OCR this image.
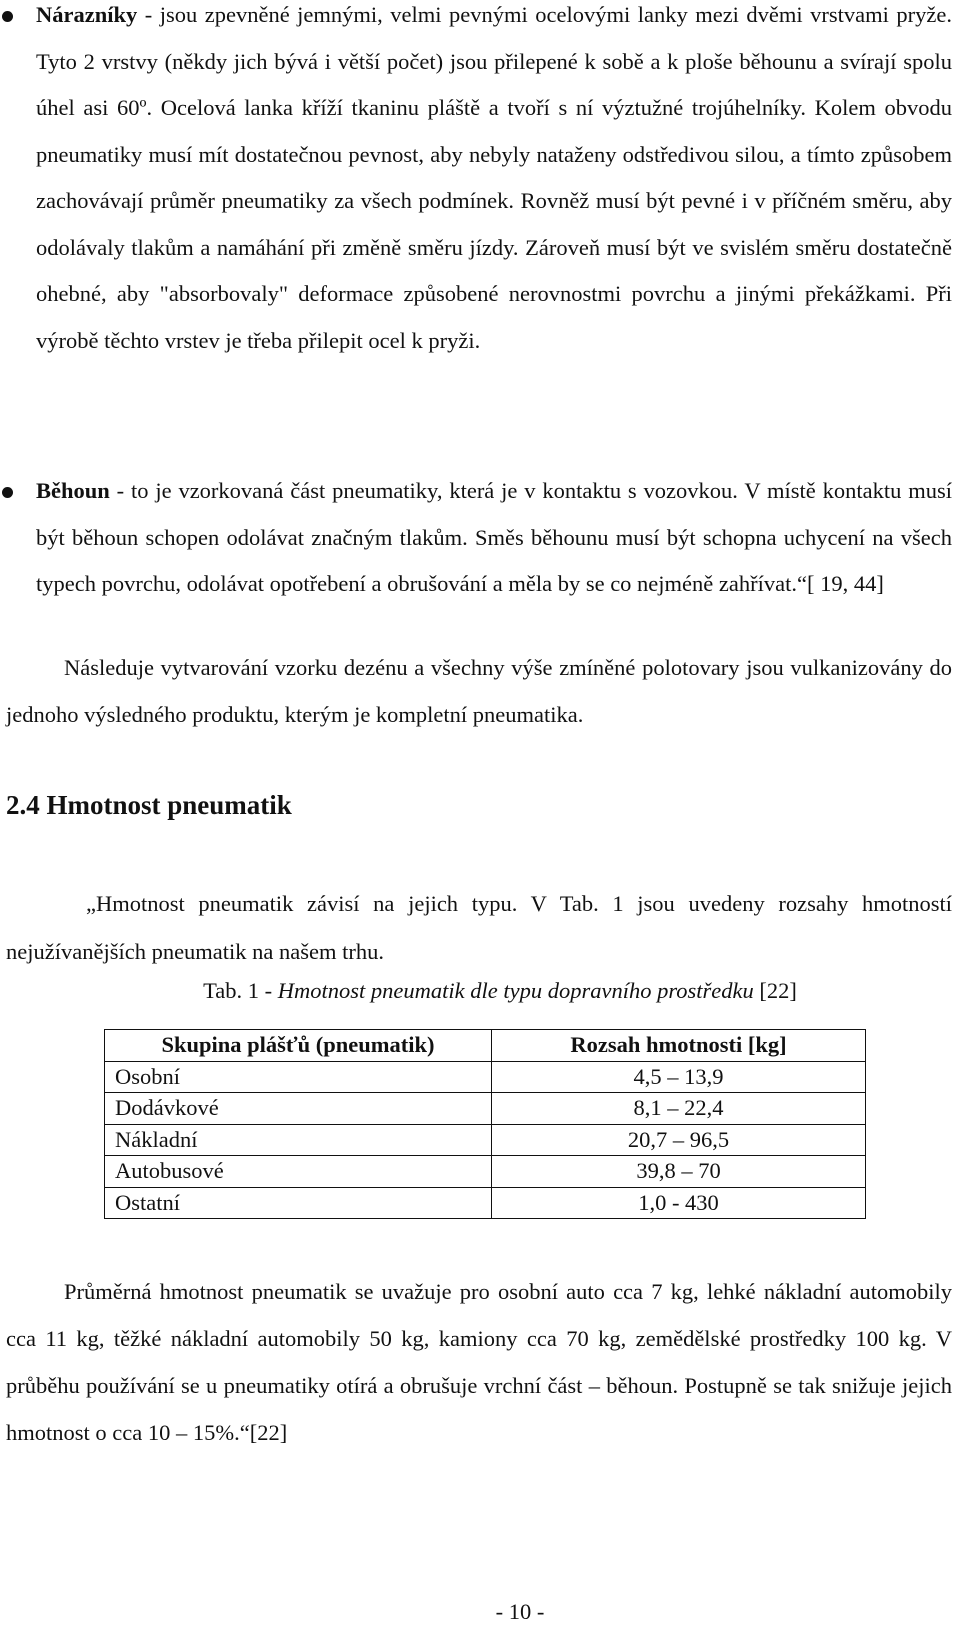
Nárazníky - jsou zpevněné jemnými, velmi pevnými ocelovými lanky mezi dvěmi vrstvami pryže. Tyto 2 vrstvy (někdy jich bývá i větší počet) jsou přilepené k sobě a k ploše běhounu a svírají spolu úhel asi 60º. Ocelová lanka kříží tkaninu pláště a tvoří s ní výztužné trojúhelníky. Kolem obvodu pneumatiky musí mít dostatečnou pevnost, aby nebyly nataženy odstředivou silou, a tímto způsobem zachovávají průměr pneumatiky za všech podmínek. Rovněž musí být pevné i v příčném směru, aby odolávaly tlakům a namáhání při změně směru jízdy. Zároveň musí být ve svislém směru dostatečně ohebné, aby "absorbovaly" deformace způsobené nerovnostmi povrchu a jinými překážkami. Při výrobě těchto vrstev je třeba přilepit ocel k pryži.
Běhoun - to je vzorkovaná část pneumatiky, která je v kontaktu s vozovkou. V místě kontaktu musí být běhoun schopen odolávat značným tlakům. Směs běhounu musí být schopna uchycení na všech typech povrchu, odolávat opotřebení a obrušování a měla by se co nejméně zahřívat.“[ 19, 44]

Následuje vytvarování vzorku dezénu a všechny výše zmíněné polotovary jsou vulkanizovány do jednoho výsledného produktu, kterým je kompletní pneumatika.

2.4 Hmotnost pneumatik

„Hmotnost pneumatik závisí na jejich typu. V Tab. 1 jsou uvedeny rozsahy hmotností nejužívanějších pneumatik na našem trhu.

Tab. 1 - Hmotnost pneumatik dle typu dopravního prostředku [22]

Skupina plášťů (pneumatik)	Rozsah hmotnosti [kg]
Osobní	4,5 – 13,9
Dodávkové	8,1 – 22,4
Nákladní	20,7 – 96,5
Autobusové	39,8 – 70
Ostatní	1,0 - 430

Průměrná hmotnost pneumatik se uvažuje pro osobní auto cca 7 kg, lehké nákladní automobily cca 11 kg, těžké nákladní automobily 50 kg, kamiony cca 70 kg, zemědělské prostředky 100 kg. V průběhu používání se u pneumatiky otírá a obrušuje vrchní část – běhoun. Postupně se tak snižuje jejich hmotnost o cca 10 – 15%.“[22]

- 10 -
